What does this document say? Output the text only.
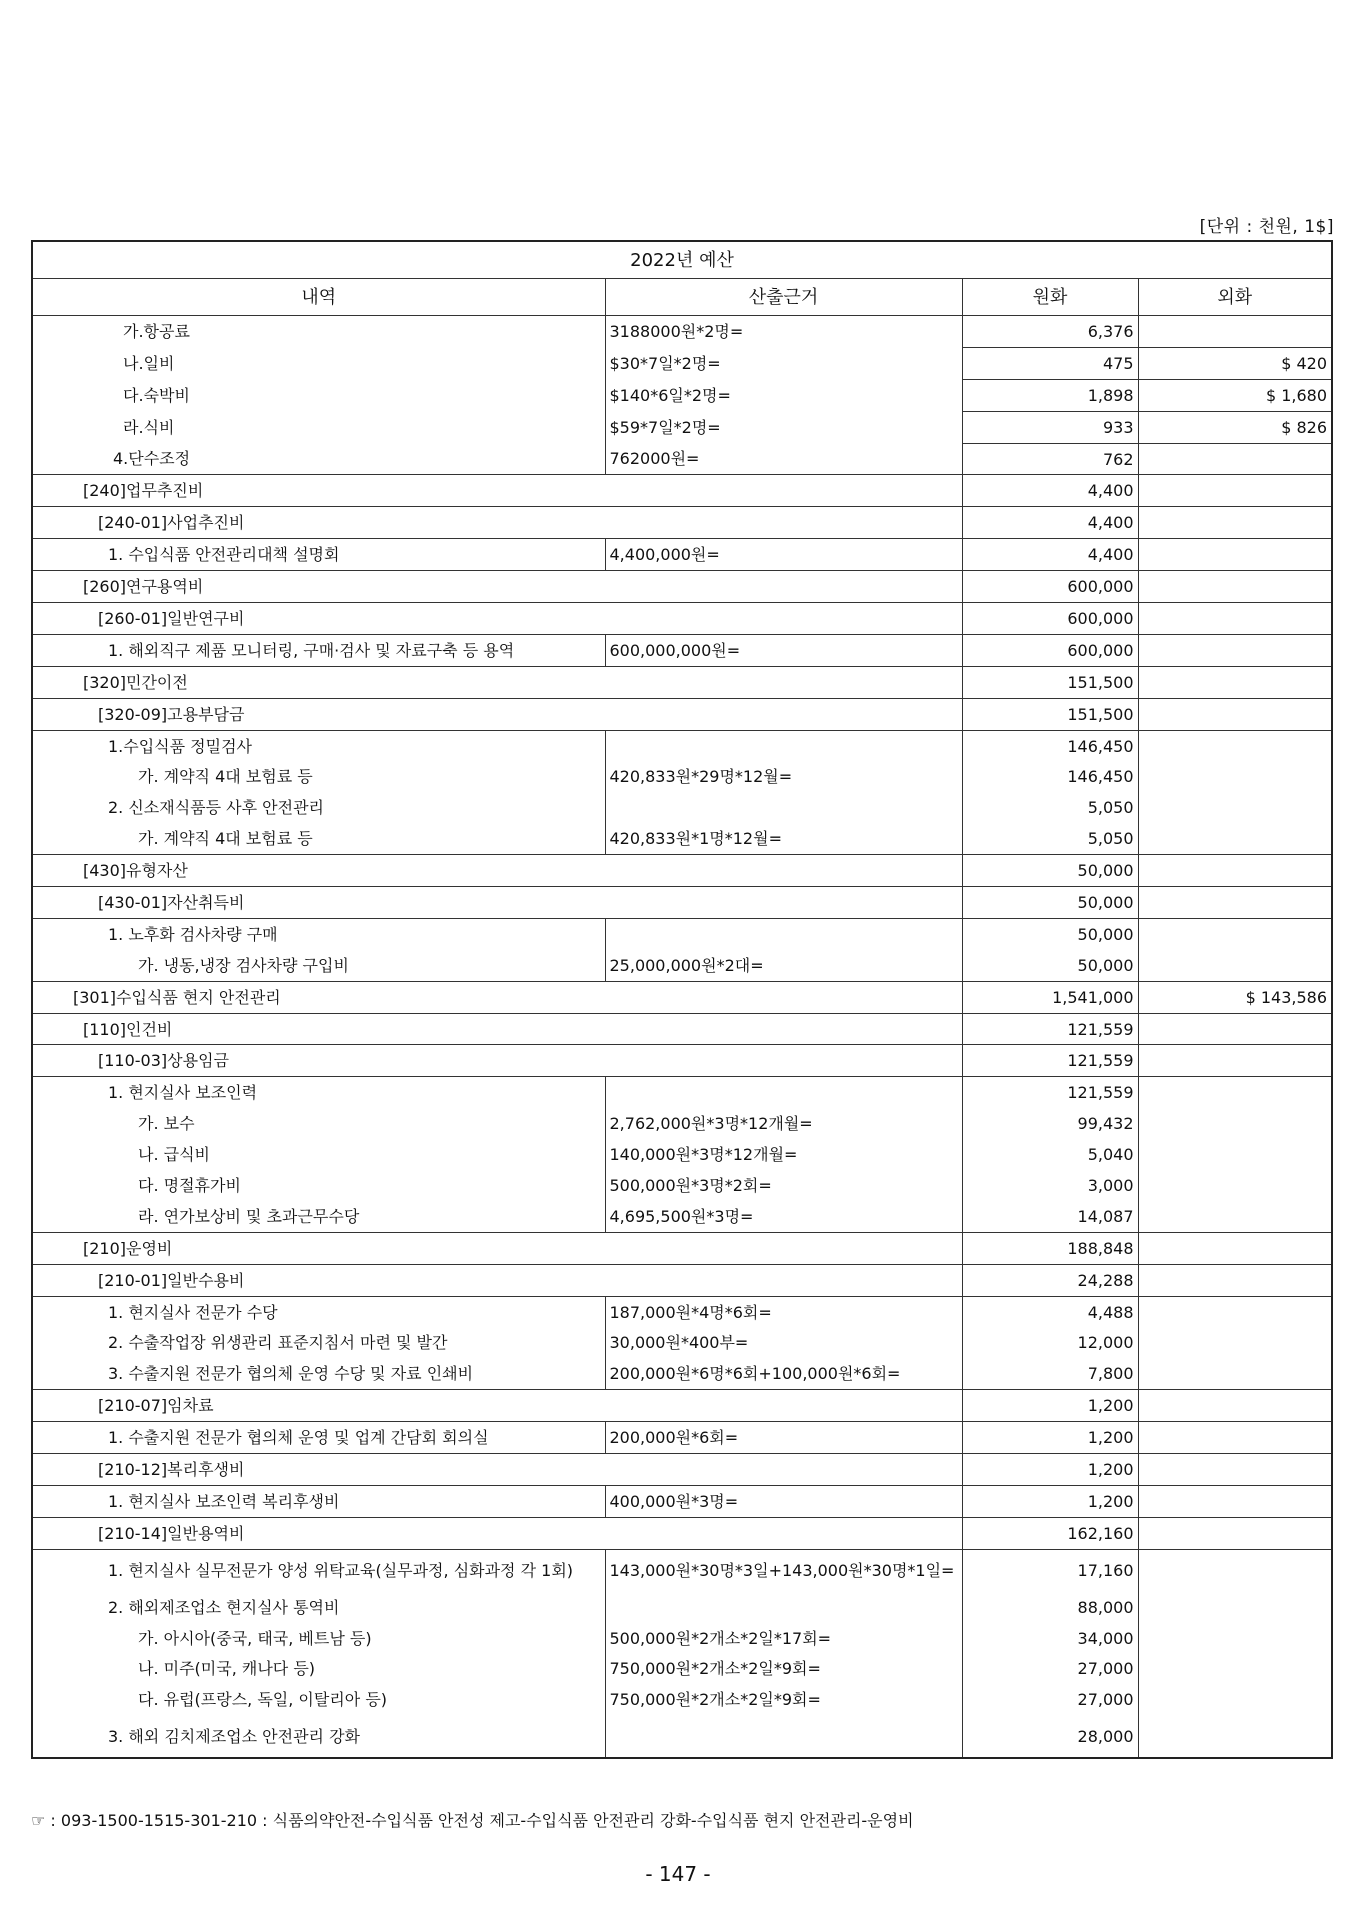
[단위 : 천원, 1$]
2022년 예산			
내역	산출근거	원화	외화
가.항공료	3188000원*2명=	6,376	
나.일비	$30*7일*2명=	475	$ 420
다.숙박비	$140*6일*2명=	1,898	$ 1,680
라.식비	$59*7일*2명=	933	$ 826
4.단수조정	762000원=	762	
[240]업무추진비		4,400	
[240-01]사업추진비		4,400	
1. 수입식품 안전관리대책 설명회	4,400,000원=	4,400	
[260]연구용역비		600,000	
[260-01]일반연구비		600,000	
1. 해외직구 제품 모니터링, 구매·검사 및 자료구축 등 용역	600,000,000원=	600,000	
[320]민간이전		151,500	
[320-09]고용부담금		151,500	
1.수입식품 정밀검사		146,450	
가. 계약직 4대 보험료 등	420,833원*29명*12월=	146,450	
2. 신소재식품등 사후 안전관리		5,050	
가. 계약직 4대 보험료 등	420,833원*1명*12월=	5,050	
[430]유형자산		50,000	
[430-01]자산취득비		50,000	
1. 노후화 검사차량 구매		50,000	
가. 냉동,냉장 검사차량 구입비	25,000,000원*2대=	50,000	
[301]수입식품 현지 안전관리		1,541,000	$ 143,586
[110]인건비		121,559	
[110-03]상용임금		121,559	
1. 현지실사 보조인력		121,559	
가. 보수	2,762,000원*3명*12개월=	99,432	
나. 급식비	140,000원*3명*12개월=	5,040	
다. 명절휴가비	500,000원*3명*2회=	3,000	
라. 연가보상비 및 초과근무수당	4,695,500원*3명=	14,087	
[210]운영비		188,848	
[210-01]일반수용비		24,288	
1. 현지실사 전문가 수당	187,000원*4명*6회=	4,488	
2. 수출작업장 위생관리 표준지침서 마련 및 발간	30,000원*400부=	12,000	
3. 수출지원 전문가 협의체 운영 수당 및 자료 인쇄비	200,000원*6명*6회+100,000원*6회=	7,800	
[210-07]임차료		1,200	
1. 수출지원 전문가 협의체 운영 및 업계 간담회 회의실	200,000원*6회=	1,200	
[210-12]복리후생비		1,200	
1. 현지실사 보조인력 복리후생비	400,000원*3명=	1,200	
[210-14]일반용역비		162,160	
1. 현지실사 실무전문가 양성 위탁교육(실무과정, 심화과정 각 1회)	143,000원*30명*3일+143,000원*30명*1일=	17,160	
2. 해외제조업소 현지실사 통역비		88,000	
가. 아시아(중국, 태국, 베트남 등)	500,000원*2개소*2일*17회=	34,000	
나. 미주(미국, 캐나다 등)	750,000원*2개소*2일*9회=	27,000	
다. 유럽(프랑스, 독일, 이탈리아 등)	750,000원*2개소*2일*9회=	27,000	
3. 해외 김치제조업소 안전관리 강화		28,000	
☞ : 093-1500-1515-301-210 : 식품의약안전-수입식품 안전성 제고-수입식품 안전관리 강화-수입식품 현지 안전관리-운영비
- 147 -
